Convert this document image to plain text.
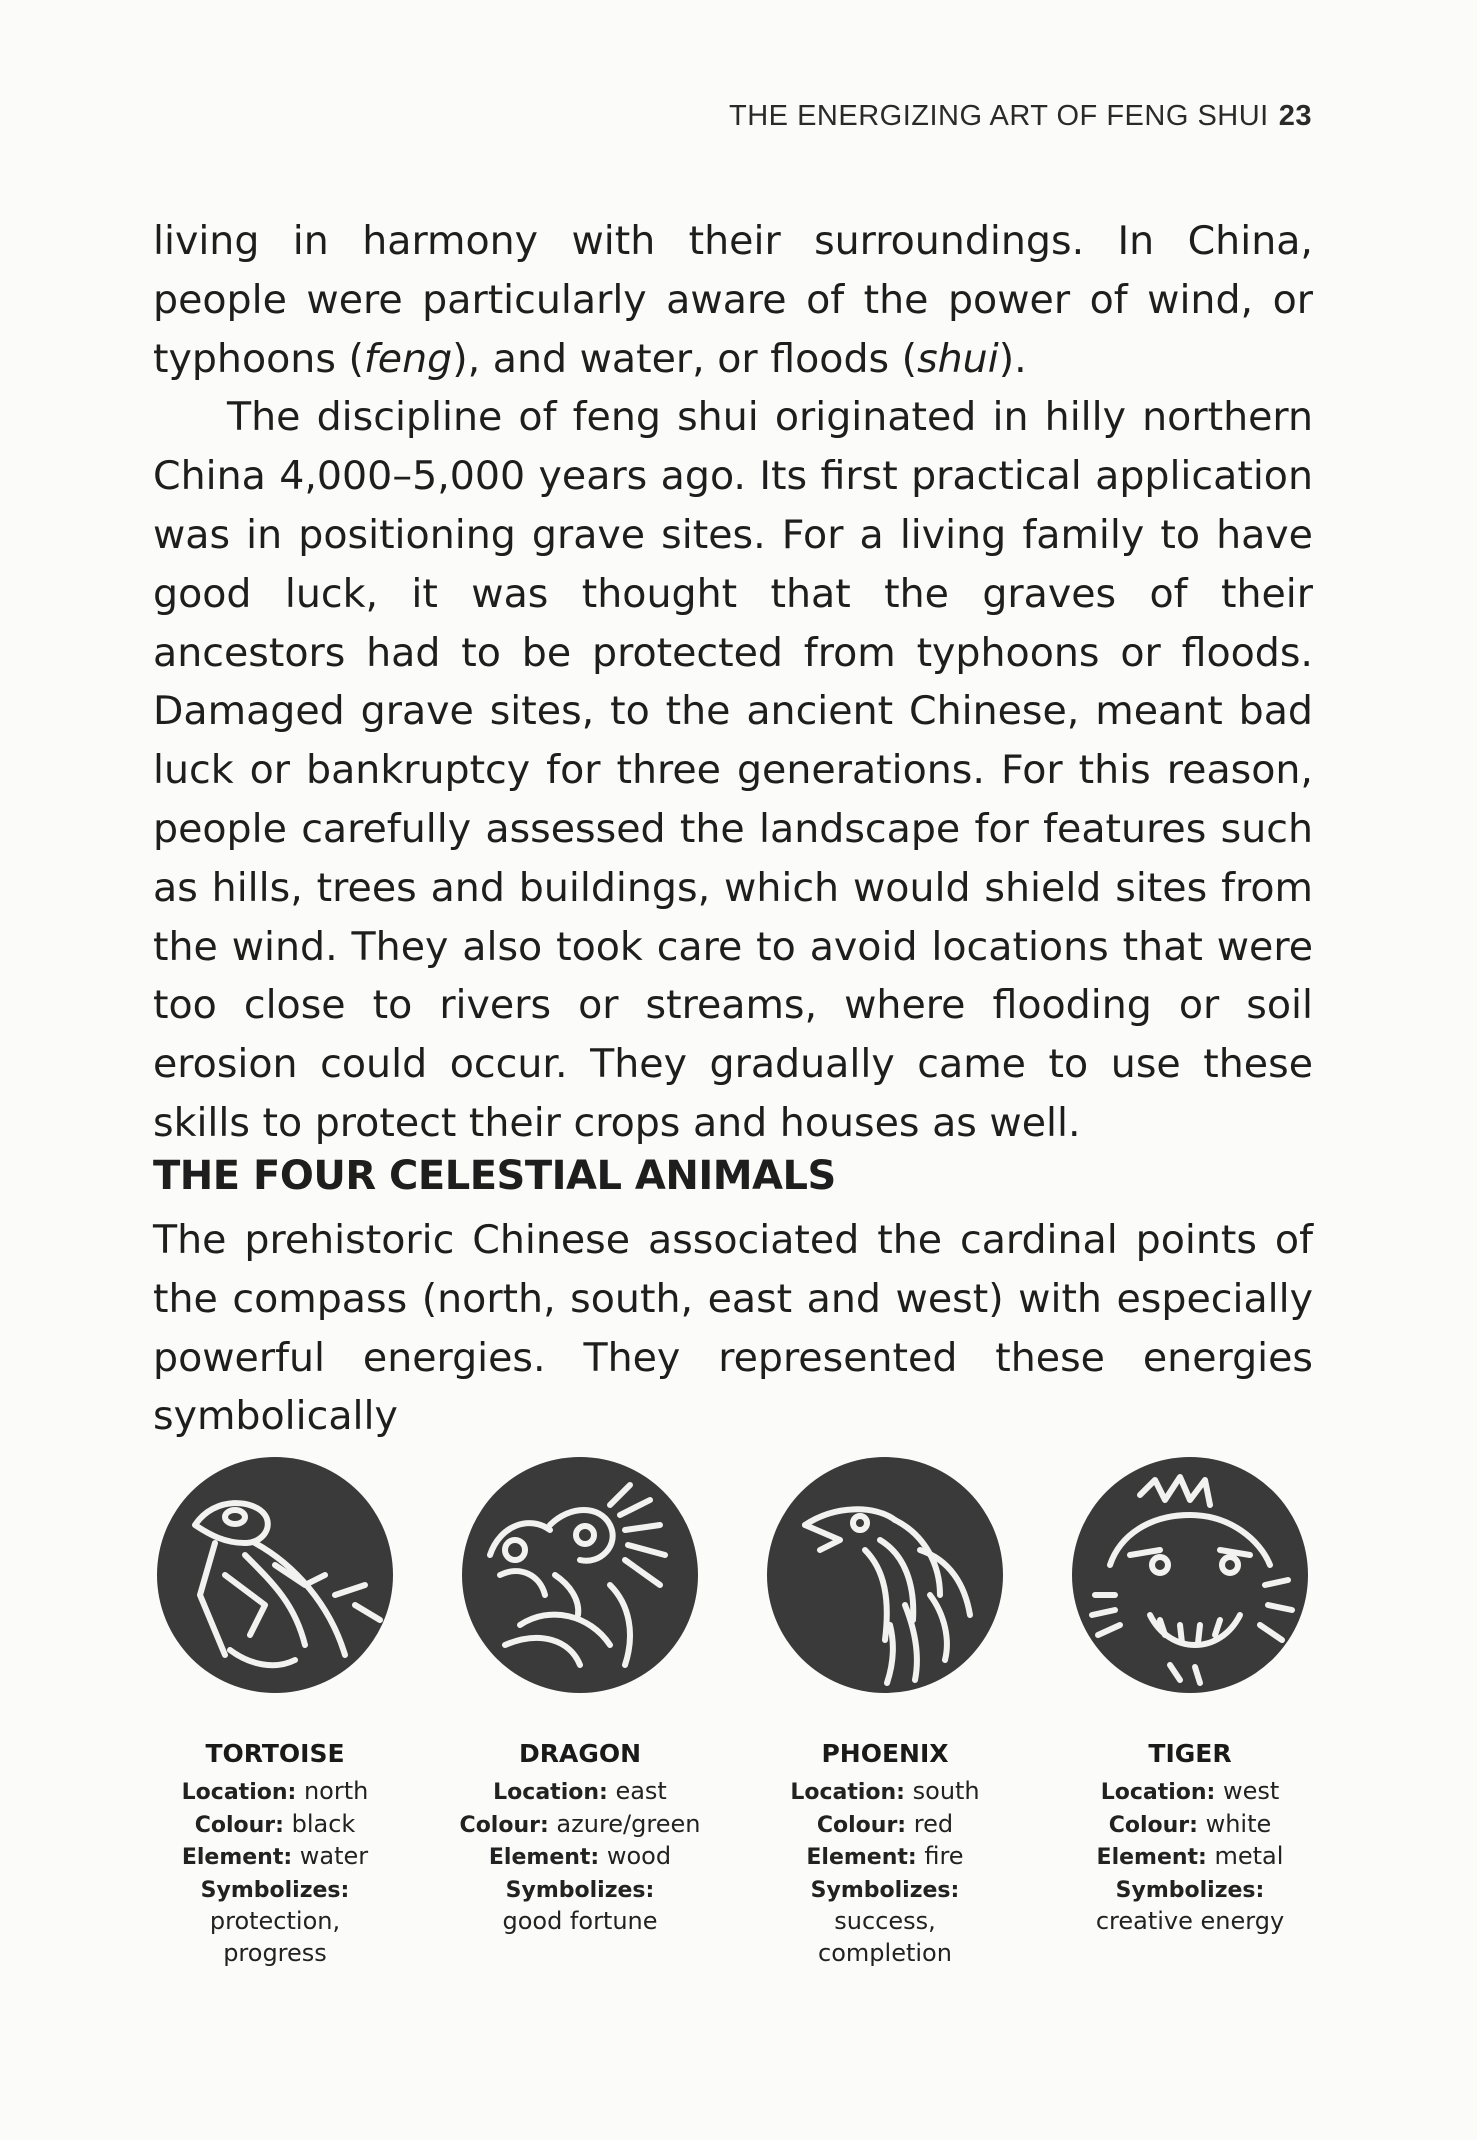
THE ENERGIZING ART OF FENG SHUI 23

living in harmony with their surroundings. In China, people were particularly aware of the power of wind, or typhoons (feng), and water, or floods (shui).

The discipline of feng shui originated in hilly northern China 4,000–5,000 years ago. Its first practical application was in positioning grave sites. For a living family to have good luck, it was thought that the graves of their ancestors had to be protected from typhoons or floods. Damaged grave sites, to the ancient Chinese, meant bad luck or bankruptcy for three generations. For this reason, people carefully assessed the landscape for features such as hills, trees and buildings, which would shield sites from the wind. They also took care to avoid locations that were too close to rivers or streams, where flooding or soil erosion could occur. They gradually came to use these skills to protect their crops and houses as well.

THE FOUR CELESTIAL ANIMALS

The prehistoric Chinese associated the cardinal points of the compass (north, south, east and west) with especially powerful energies. They represented these energies symbolically

TORTOISE
Location: north
Colour: black
Element: water
Symbolizes:
protection,
progress
DRAGON
Location: east
Colour: azure/green
Element: wood
Symbolizes:
good fortune
PHOENIX
Location: south
Colour: red
Element: fire
Symbolizes:
success,
completion
TIGER
Location: west
Colour: white
Element: metal
Symbolizes:
creative energy
